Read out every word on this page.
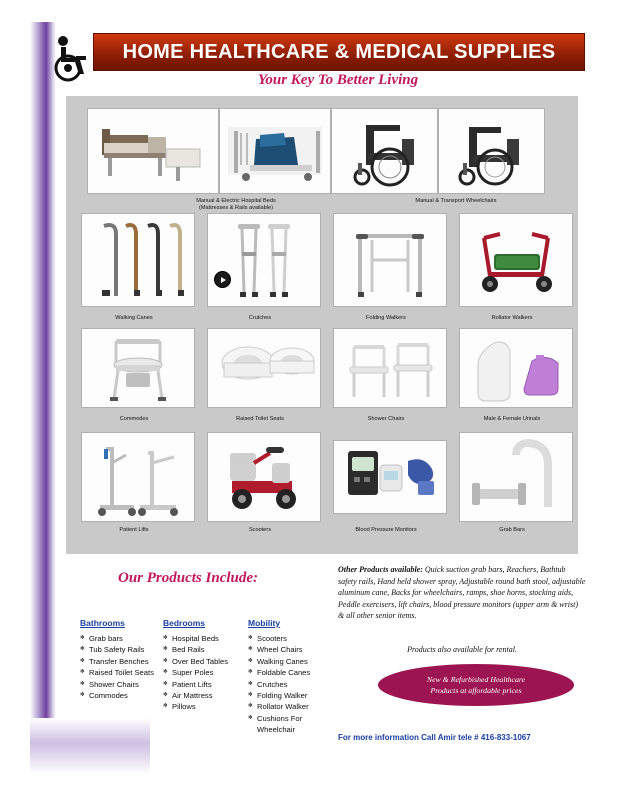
HOME HEALTHCARE & MEDICAL SUPPLIES
Your Key To Better Living
Manual & Electric Hospital Beds
(Mattresses & Rails available)
Manual & Transport Wheelchairs
Walking Canes	Crutches	Folding Walkers	Rollator Walkers
Commodes	Raised Toilet Seats	Shower Chairs	Male & Female Urinals
Patient Lifts	Scooters	Blood Pressure Monitors	Grab Bars
Our Products Include:
Bathrooms
✻ Grab bars
✻ Tub Safety Rails
✻ Transfer Benches
✻ Raised Toilet Seats
✻ Shower Chairs
✻ Commodes
Bedrooms
✻ Hospital Beds
✻ Bed Rails
✻ Over Bed Tables
✻ Super Poles
✻ Patient Lifts
✻ Air Mattress
✻ Pillows
Mobility
✻ Scooters
✻ Wheel Chairs
✻ Walking Canes
✻ Foldable Canes
✻ Crutches
✻ Folding Walker
✻ Rollator Walker
✻ Cushions For Wheelchair
Other Products available: Quick suction grab bars, Reachers, Bathtub safety rails, Hand held shower spray, Adjustable round bath stool, adjustable aluminum cane, Backs for wheelchairs, ramps, shoe horns, stocking aids, Peddle exercisers, lift chairs, blood pressure monitors (upper arm & wrist) & all other senior items.
Products also available for rental.
New & Refurbished Healthcare
Products at affordable prices
For more information Call Amir tele # 416-833-1067
